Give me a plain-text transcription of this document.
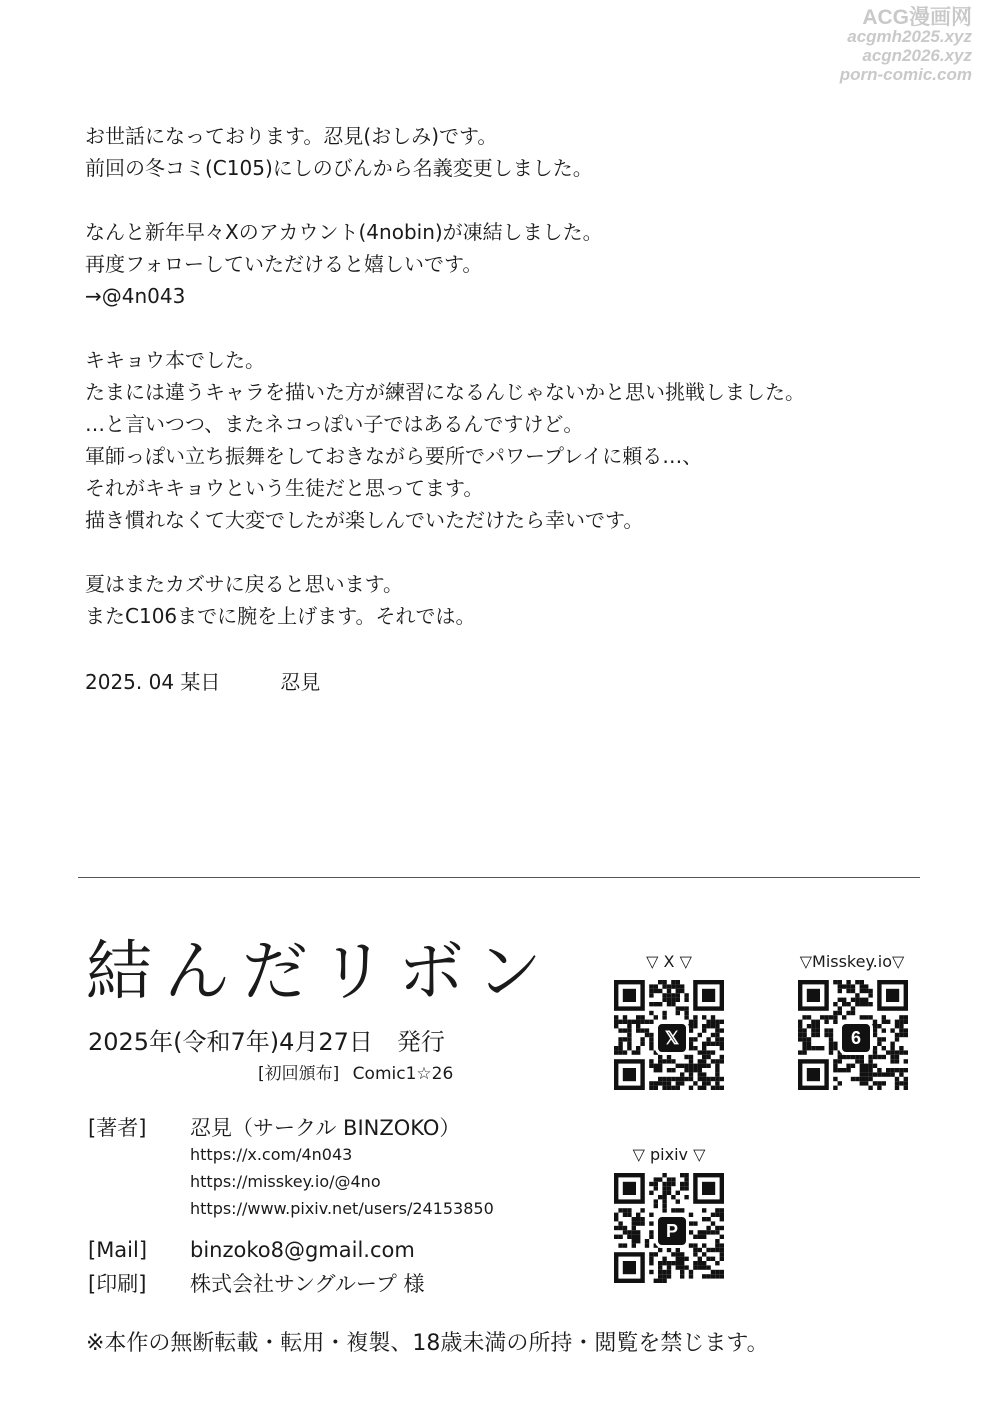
ACG漫画网
acgmh2025.xyz
acgn2026.xyz
porn-comic.com
お世話になっております。忍見(おしみ)です。
前回の冬コミ(C105)にしのびんから名義変更しました。
なんと新年早々Xのアカウント(4nobin)が凍結しました。
再度フォローしていただけると嬉しいです。
→@4n043
キキョウ本でした。
たまには違うキャラを描いた方が練習になるんじゃないかと思い挑戦しました。
…と言いつつ、またネコっぽい子ではあるんですけど。
軍師っぽい立ち振舞をしておきながら要所でパワープレイに頼る…、
それがキキョウという生徒だと思ってます。
描き慣れなくて大変でしたが楽しんでいただけたら幸いです。
夏はまたカズサに戻ると思います。
またC106までに腕を上げます。それでは。
2025. 04 某日	忍見
結んだリボン
2025年(令和7年)4月27日　発行
[初回頒布] Comic1☆26
[著者] 忍見（サークル BINZOKO）
https://x.com/4n043
https://misskey.io/@4no
https://www.pixiv.net/users/24153850
[Mail] binzoko8@gmail.com
[印刷] 株式会社サングループ 様
※本作の無断転載・転用・複製、18歳未満の所持・閲覧を禁じます。
▽ X ▽
𝕏
▽Misskey.io▽
6
▽ pixiv ▽
P
